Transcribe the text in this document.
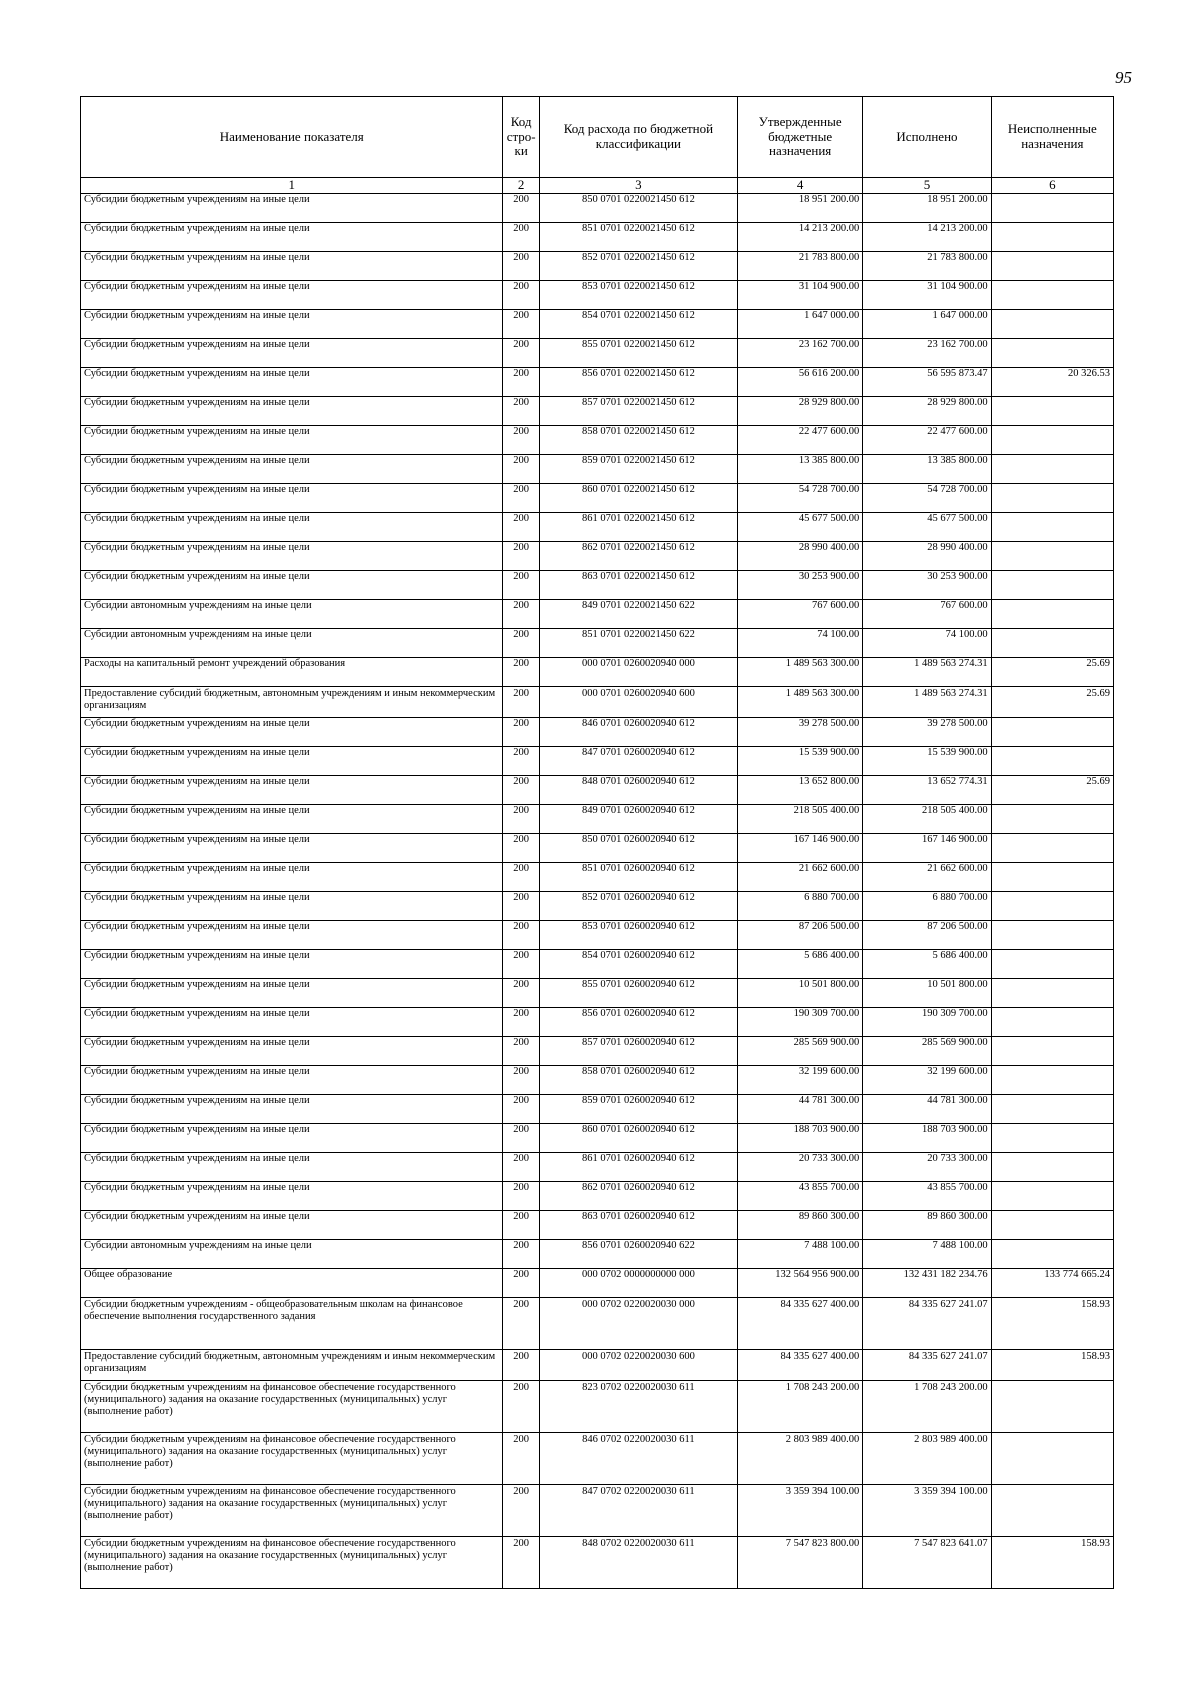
95
Наименование показателя	Код стро-ки	Код расхода по бюджетной классификации	Утвержденные бюджетные назначения	Исполнено	Неисполненные назначения
1	2	3	4	5	6
Субсидии бюджетным учреждениям на иные цели	200	850 0701 0220021450 612	18 951 200.00	18 951 200.00	
Субсидии бюджетным учреждениям на иные цели	200	851 0701 0220021450 612	14 213 200.00	14 213 200.00	
Субсидии бюджетным учреждениям на иные цели	200	852 0701 0220021450 612	21 783 800.00	21 783 800.00	
Субсидии бюджетным учреждениям на иные цели	200	853 0701 0220021450 612	31 104 900.00	31 104 900.00	
Субсидии бюджетным учреждениям на иные цели	200	854 0701 0220021450 612	1 647 000.00	1 647 000.00	
Субсидии бюджетным учреждениям на иные цели	200	855 0701 0220021450 612	23 162 700.00	23 162 700.00	
Субсидии бюджетным учреждениям на иные цели	200	856 0701 0220021450 612	56 616 200.00	56 595 873.47	20 326.53
Субсидии бюджетным учреждениям на иные цели	200	857 0701 0220021450 612	28 929 800.00	28 929 800.00	
Субсидии бюджетным учреждениям на иные цели	200	858 0701 0220021450 612	22 477 600.00	22 477 600.00	
Субсидии бюджетным учреждениям на иные цели	200	859 0701 0220021450 612	13 385 800.00	13 385 800.00	
Субсидии бюджетным учреждениям на иные цели	200	860 0701 0220021450 612	54 728 700.00	54 728 700.00	
Субсидии бюджетным учреждениям на иные цели	200	861 0701 0220021450 612	45 677 500.00	45 677 500.00	
Субсидии бюджетным учреждениям на иные цели	200	862 0701 0220021450 612	28 990 400.00	28 990 400.00	
Субсидии бюджетным учреждениям на иные цели	200	863 0701 0220021450 612	30 253 900.00	30 253 900.00	
Субсидии автономным учреждениям на иные цели	200	849 0701 0220021450 622	767 600.00	767 600.00	
Субсидии автономным учреждениям на иные цели	200	851 0701 0220021450 622	74 100.00	74 100.00	
Расходы на капитальный ремонт учреждений образования	200	000 0701 0260020940 000	1 489 563 300.00	1 489 563 274.31	25.69
Предоставление субсидий бюджетным, автономным учреждениям и иным некоммерческим организациям	200	000 0701 0260020940 600	1 489 563 300.00	1 489 563 274.31	25.69
Субсидии бюджетным учреждениям на иные цели	200	846 0701 0260020940 612	39 278 500.00	39 278 500.00	
Субсидии бюджетным учреждениям на иные цели	200	847 0701 0260020940 612	15 539 900.00	15 539 900.00	
Субсидии бюджетным учреждениям на иные цели	200	848 0701 0260020940 612	13 652 800.00	13 652 774.31	25.69
Субсидии бюджетным учреждениям на иные цели	200	849 0701 0260020940 612	218 505 400.00	218 505 400.00	
Субсидии бюджетным учреждениям на иные цели	200	850 0701 0260020940 612	167 146 900.00	167 146 900.00	
Субсидии бюджетным учреждениям на иные цели	200	851 0701 0260020940 612	21 662 600.00	21 662 600.00	
Субсидии бюджетным учреждениям на иные цели	200	852 0701 0260020940 612	6 880 700.00	6 880 700.00	
Субсидии бюджетным учреждениям на иные цели	200	853 0701 0260020940 612	87 206 500.00	87 206 500.00	
Субсидии бюджетным учреждениям на иные цели	200	854 0701 0260020940 612	5 686 400.00	5 686 400.00	
Субсидии бюджетным учреждениям на иные цели	200	855 0701 0260020940 612	10 501 800.00	10 501 800.00	
Субсидии бюджетным учреждениям на иные цели	200	856 0701 0260020940 612	190 309 700.00	190 309 700.00	
Субсидии бюджетным учреждениям на иные цели	200	857 0701 0260020940 612	285 569 900.00	285 569 900.00	
Субсидии бюджетным учреждениям на иные цели	200	858 0701 0260020940 612	32 199 600.00	32 199 600.00	
Субсидии бюджетным учреждениям на иные цели	200	859 0701 0260020940 612	44 781 300.00	44 781 300.00	
Субсидии бюджетным учреждениям на иные цели	200	860 0701 0260020940 612	188 703 900.00	188 703 900.00	
Субсидии бюджетным учреждениям на иные цели	200	861 0701 0260020940 612	20 733 300.00	20 733 300.00	
Субсидии бюджетным учреждениям на иные цели	200	862 0701 0260020940 612	43 855 700.00	43 855 700.00	
Субсидии бюджетным учреждениям на иные цели	200	863 0701 0260020940 612	89 860 300.00	89 860 300.00	
Субсидии автономным учреждениям на иные цели	200	856 0701 0260020940 622	7 488 100.00	7 488 100.00	
Общее образование	200	000 0702 0000000000 000	132 564 956 900.00	132 431 182 234.76	133 774 665.24
Субсидии бюджетным учреждениям - общеобразовательным школам на финансовое обеспечение выполнения государственного задания	200	000 0702 0220020030 000	84 335 627 400.00	84 335 627 241.07	158.93
Предоставление субсидий бюджетным, автономным учреждениям и иным некоммерческим организациям	200	000 0702 0220020030 600	84 335 627 400.00	84 335 627 241.07	158.93
Субсидии бюджетным учреждениям на финансовое обеспечение государственного (муниципального) задания на оказание государственных (муниципальных) услуг (выполнение работ)	200	823 0702 0220020030 611	1 708 243 200.00	1 708 243 200.00	
Субсидии бюджетным учреждениям на финансовое обеспечение государственного (муниципального) задания на оказание государственных (муниципальных) услуг (выполнение работ)	200	846 0702 0220020030 611	2 803 989 400.00	2 803 989 400.00	
Субсидии бюджетным учреждениям на финансовое обеспечение государственного (муниципального) задания на оказание государственных (муниципальных) услуг (выполнение работ)	200	847 0702 0220020030 611	3 359 394 100.00	3 359 394 100.00	
Субсидии бюджетным учреждениям на финансовое обеспечение государственного (муниципального) задания на оказание государственных (муниципальных) услуг (выполнение работ)	200	848 0702 0220020030 611	7 547 823 800.00	7 547 823 641.07	158.93
